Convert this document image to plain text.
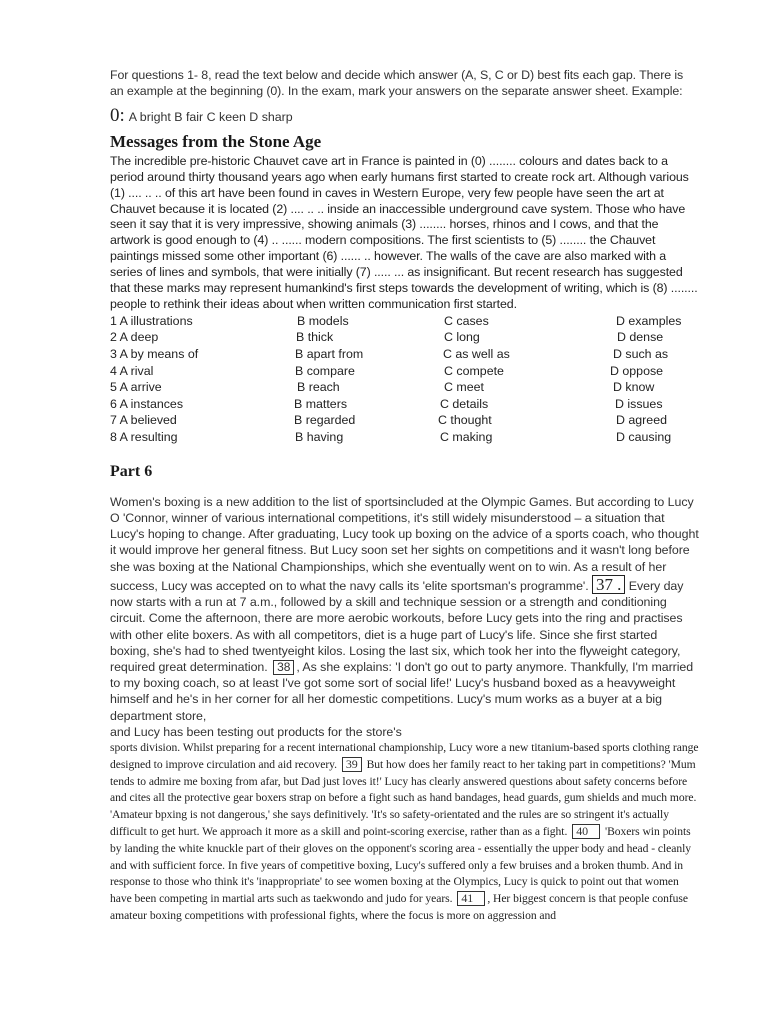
For questions 1- 8, read the text below and decide which answer (A, S, C or D) best fits each gap. There is an example at the beginning (0). In the exam, mark your answers on the separate answer sheet. Example:
0: A bright B fair C keen D sharp
Messages from the Stone Age
The incredible pre-historic Chauvet cave art in France is painted in (0) ........ colours and dates back to a period around thirty thousand years ago when early humans first started to create rock art. Although various (1) .... .. .. of this art have been found in caves in Western Europe, very few people have seen the art at Chauvet because it is located (2) .... .. .. inside an inaccessible underground cave system. Those who have seen it say that it is very impressive, showing animals (3) ........ horses, rhinos and I cows, and that the artwork is good enough to (4) .. ...... modern compositions. The first scientists to (5) ........ the Chauvet paintings missed some other important (6) ...... .. however. The walls of the cave are also marked with a series of lines and symbols, that were initially (7) ..... ... as insignificant. But recent research has suggested that these marks may represent humankind's first steps towards the development of writing, which is (8) ........ people to rethink their ideas about when written communication first started.
1 A illustrations	B models	C cases	D examples
2 A deep	B thick	C long	D dense
3 A by means of	B apart from	C as well as	D such as
4 A rival	B compare	C compete	D oppose
5 A arrive	B reach	C meet	D know
6 A instances	B matters	C details	D issues
7 A believed	B regarded	C thought	D agreed
8 A resulting	B having	C making	D causing
Part 6
Women's boxing is a new addition to the list of sportsincluded at the Olympic Games. But according to Lucy O 'Connor, winner of various international competitions, it's still widely misunderstood – a situation that Lucy's hoping to change. After graduating, Lucy took up boxing on the advice of a sports coach, who thought it would improve her general fitness. But Lucy soon set her sights on competitions and it wasn't long before she was boxing at the National Championships, which she eventually went on to win. As a result of her success, Lucy was accepted on to what the navy calls its 'elite sportsman's programme'. 37 . Every day now starts with a run at 7 a.m., followed by a skill and technique session or a strength and conditioning circuit. Come the afternoon, there are more aerobic workouts, before Lucy gets into the ring and practises with other elite boxers. As with all competitors, diet is a huge part of Lucy's life. Since she first started boxing, she's had to shed twentyeight kilos. Losing the last six, which took her into the flyweight category, required great determination. 38 , As she explains: 'I don't go out to party anymore. Thankfully, I'm married to my boxing coach, so at least I've got some sort of social life!' Lucy's husband boxed as a heavyweight himself and he's in her corner for all her domestic competitions. Lucy's mum works as a buyer at a big department store,
and Lucy has been testing out products for the store's
sports division. Whilst preparing for a recent international championship, Lucy wore a new titanium-based sports clothing range designed to improve circulation and aid recovery. 39 But how does her family react to her taking part in competitions? 'Mum tends to admire me boxing from afar, but Dad just loves it!' Lucy has clearly answered questions about safety concerns before and cites all the protective gear boxers strap on before a fight such as hand bandages, head guards, gum shields and much more. 'Amateur bpxing is not dangerous,' she says definitively. 'It's so safety-orientated and the rules are so stringent it's actually difficult to get hurt. We approach it more as a skill and point-scoring exercise, rather than as a fight. 40 'Boxers win points by landing the white knuckle part of their gloves on the opponent's scoring area - essentially the upper body and head - cleanly and with sufficient force. In five years of competitive boxing, Lucy's suffered only a few bruises and a broken thumb. And in response to those who think it's 'inappropriate' to see women boxing at the Olympics, Lucy is quick to point out that women have been competing in martial arts such as taekwondo and judo for years. 41 , Her biggest concern is that people confuse amateur boxing competitions with professional fights, where the focus is more on aggression and
